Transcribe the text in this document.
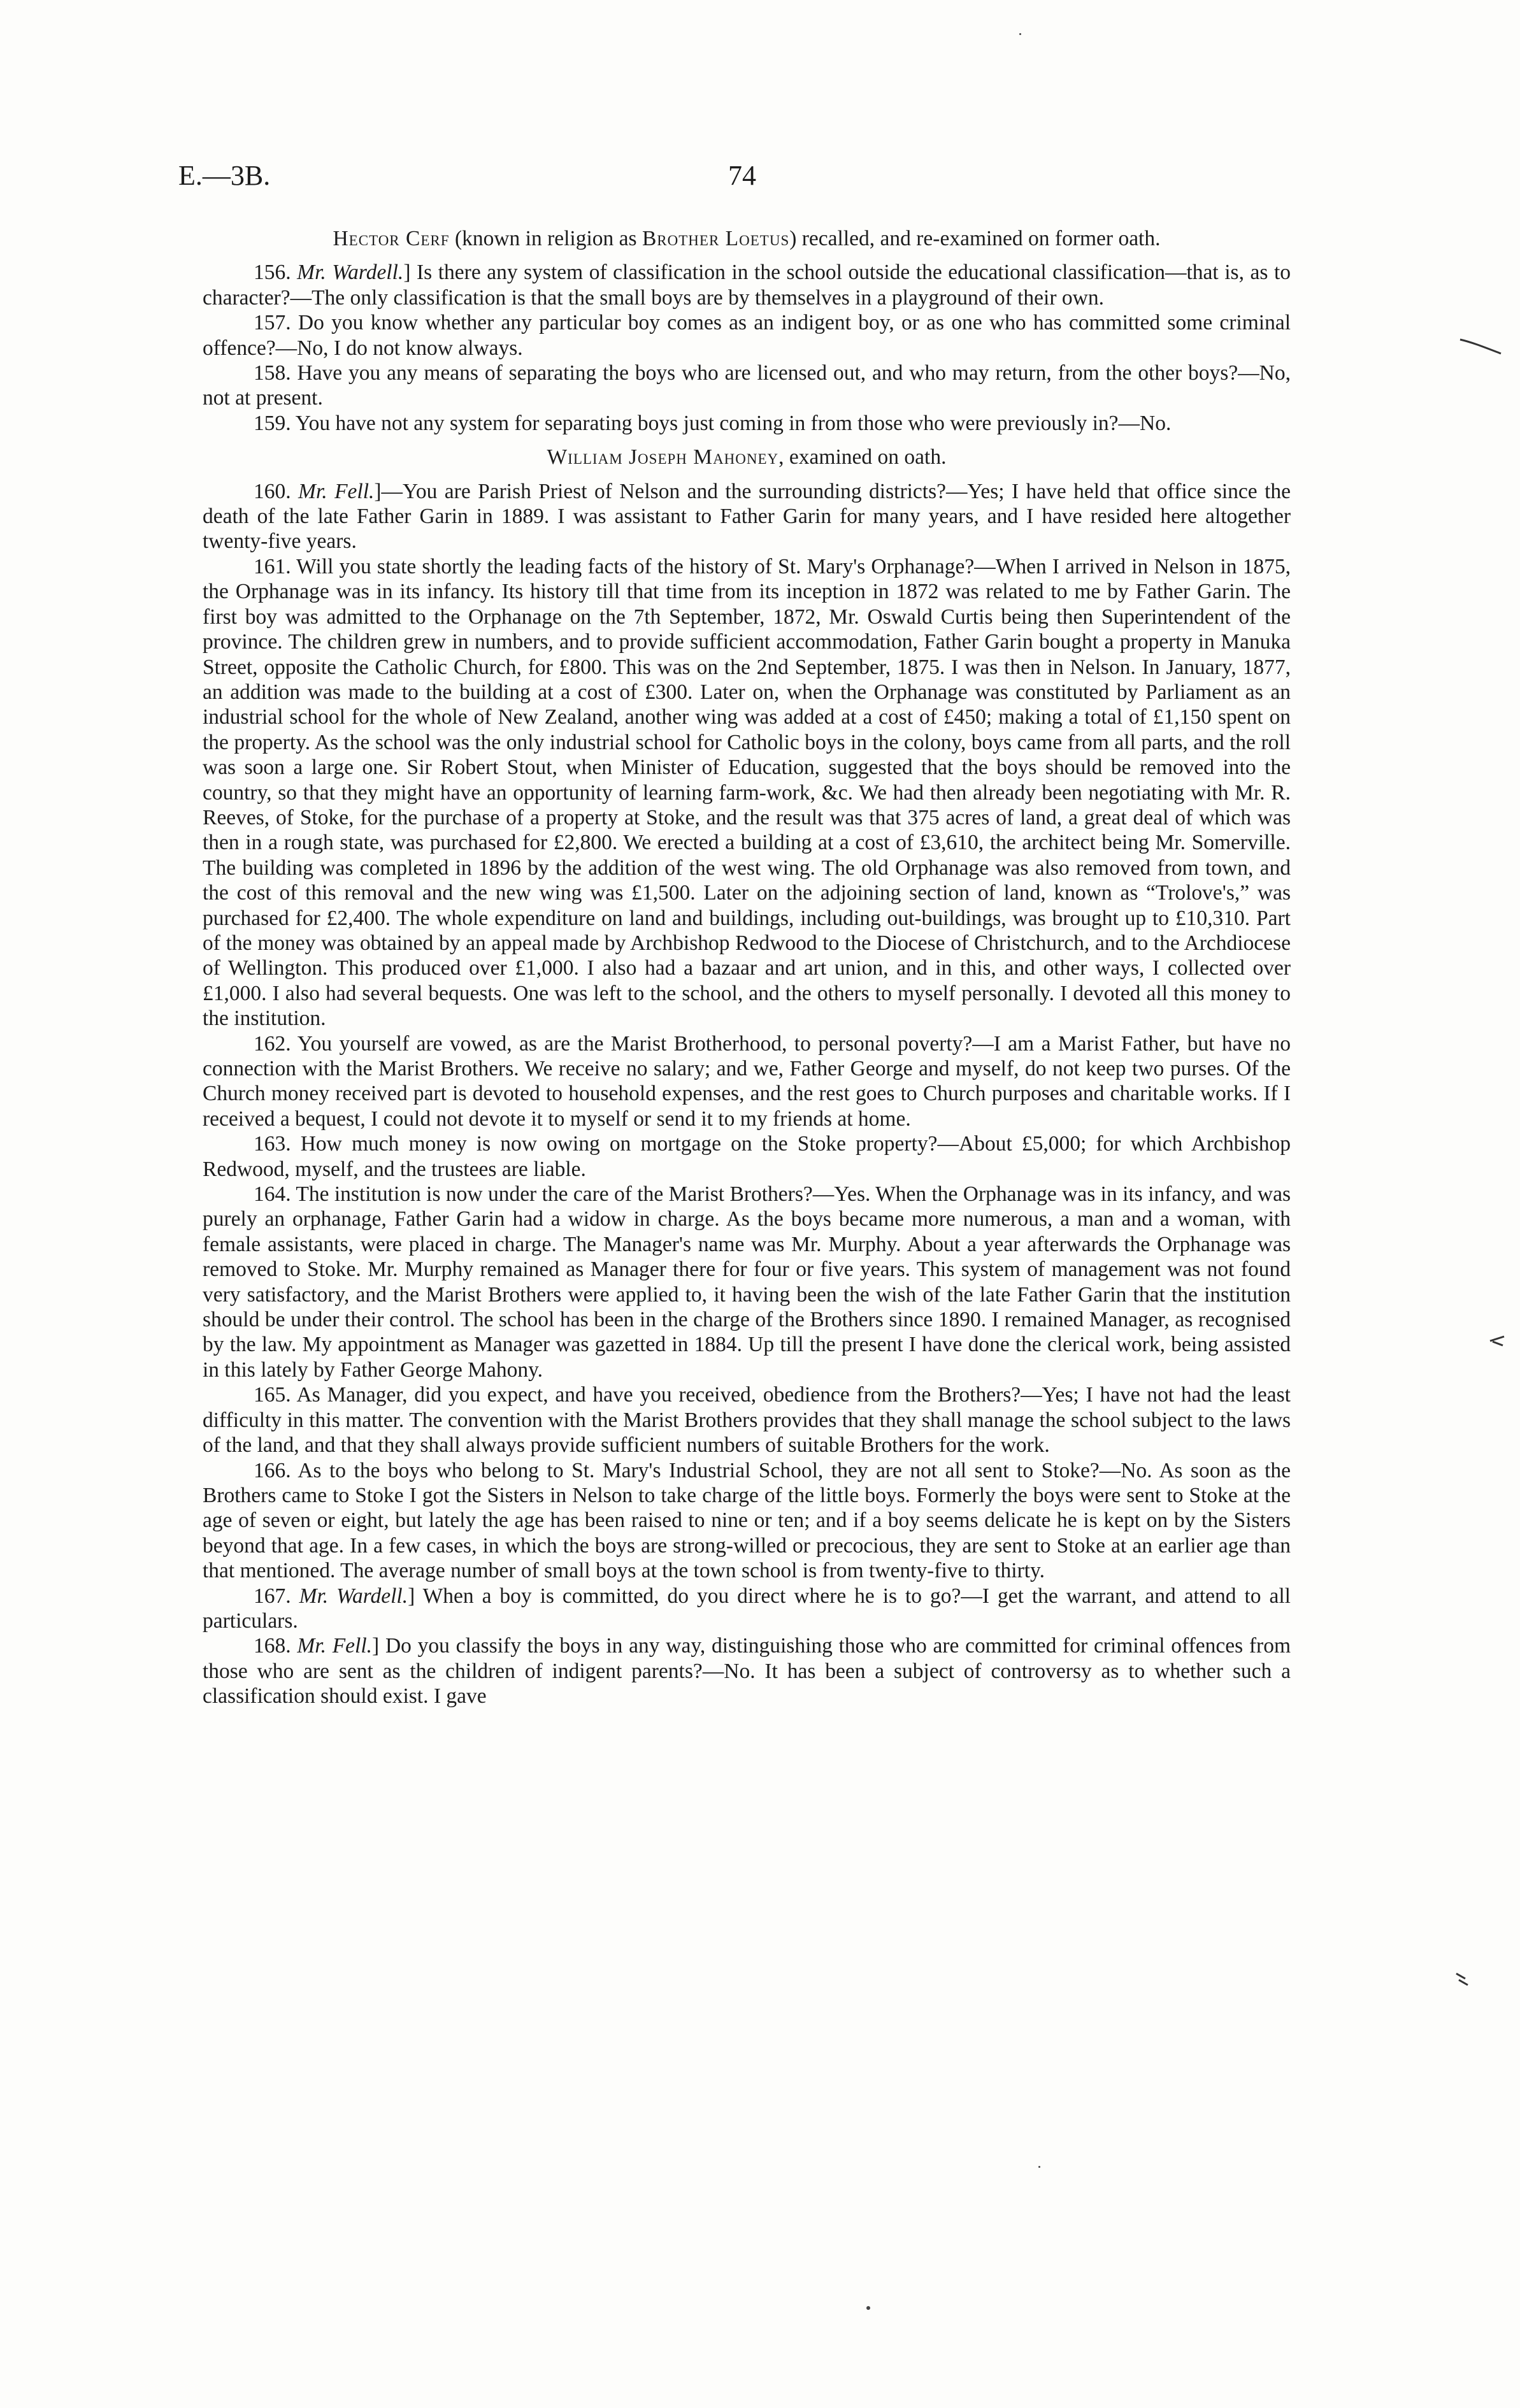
E.—3B.	74

Hector Cerf (known in religion as Brother Loetus) recalled, and re-examined on former oath.

156. Mr. Wardell.] Is there any system of classification in the school outside the educational classification—that is, as to character?—The only classification is that the small boys are by themselves in a playground of their own.

157. Do you know whether any particular boy comes as an indigent boy, or as one who has committed some criminal offence?—No, I do not know always.

158. Have you any means of separating the boys who are licensed out, and who may return, from the other boys?—No, not at present.

159. You have not any system for separating boys just coming in from those who were previously in?—No.

William Joseph Mahoney, examined on oath.

160. Mr. Fell.]—You are Parish Priest of Nelson and the surrounding districts?—Yes; I have held that office since the death of the late Father Garin in 1889. I was assistant to Father Garin for many years, and I have resided here altogether twenty-five years.

161. Will you state shortly the leading facts of the history of St. Mary's Orphanage?—When I arrived in Nelson in 1875, the Orphanage was in its infancy. Its history till that time from its inception in 1872 was related to me by Father Garin. The first boy was admitted to the Orphanage on the 7th September, 1872, Mr. Oswald Curtis being then Superintendent of the province. The children grew in numbers, and to provide sufficient accommodation, Father Garin bought a property in Manuka Street, opposite the Catholic Church, for £800. This was on the 2nd September, 1875. I was then in Nelson. In January, 1877, an addition was made to the building at a cost of £300. Later on, when the Orphanage was constituted by Parliament as an industrial school for the whole of New Zealand, another wing was added at a cost of £450; making a total of £1,150 spent on the property. As the school was the only industrial school for Catholic boys in the colony, boys came from all parts, and the roll was soon a large one. Sir Robert Stout, when Minister of Education, suggested that the boys should be removed into the country, so that they might have an opportunity of learning farm-work, &c. We had then already been negotiating with Mr. R. Reeves, of Stoke, for the purchase of a property at Stoke, and the result was that 375 acres of land, a great deal of which was then in a rough state, was purchased for £2,800. We erected a building at a cost of £3,610, the architect being Mr. Somerville. The building was completed in 1896 by the addition of the west wing. The old Orphanage was also removed from town, and the cost of this removal and the new wing was £1,500. Later on the adjoining section of land, known as “Trolove's,” was purchased for £2,400. The whole expenditure on land and buildings, including out-buildings, was brought up to £10,310. Part of the money was obtained by an appeal made by Archbishop Redwood to the Diocese of Christchurch, and to the Archdiocese of Wellington. This produced over £1,000. I also had a bazaar and art union, and in this, and other ways, I collected over £1,000. I also had several bequests. One was left to the school, and the others to myself personally. I devoted all this money to the institution.

162. You yourself are vowed, as are the Marist Brotherhood, to personal poverty?—I am a Marist Father, but have no connection with the Marist Brothers. We receive no salary; and we, Father George and myself, do not keep two purses. Of the Church money received part is devoted to household expenses, and the rest goes to Church purposes and charitable works. If I received a bequest, I could not devote it to myself or send it to my friends at home.

163. How much money is now owing on mortgage on the Stoke property?—About £5,000; for which Archbishop Redwood, myself, and the trustees are liable.

164. The institution is now under the care of the Marist Brothers?—Yes. When the Orphanage was in its infancy, and was purely an orphanage, Father Garin had a widow in charge. As the boys became more numerous, a man and a woman, with female assistants, were placed in charge. The Manager's name was Mr. Murphy. About a year afterwards the Orphanage was removed to Stoke. Mr. Murphy remained as Manager there for four or five years. This system of management was not found very satisfactory, and the Marist Brothers were applied to, it having been the wish of the late Father Garin that the institution should be under their control. The school has been in the charge of the Brothers since 1890. I remained Manager, as recognised by the law. My appointment as Manager was gazetted in 1884. Up till the present I have done the clerical work, being assisted in this lately by Father George Mahony.

165. As Manager, did you expect, and have you received, obedience from the Brothers?—Yes; I have not had the least difficulty in this matter. The convention with the Marist Brothers provides that they shall manage the school subject to the laws of the land, and that they shall always provide sufficient numbers of suitable Brothers for the work.

166. As to the boys who belong to St. Mary's Industrial School, they are not all sent to Stoke?—No. As soon as the Brothers came to Stoke I got the Sisters in Nelson to take charge of the little boys. Formerly the boys were sent to Stoke at the age of seven or eight, but lately the age has been raised to nine or ten; and if a boy seems delicate he is kept on by the Sisters beyond that age. In a few cases, in which the boys are strong-willed or precocious, they are sent to Stoke at an earlier age than that mentioned. The average number of small boys at the town school is from twenty-five to thirty.

167. Mr. Wardell.] When a boy is committed, do you direct where he is to go?—I get the warrant, and attend to all particulars.

168. Mr. Fell.] Do you classify the boys in any way, distinguishing those who are committed for criminal offences from those who are sent as the children of indigent parents?—No. It has been a subject of controversy as to whether such a classification should exist. I gave
